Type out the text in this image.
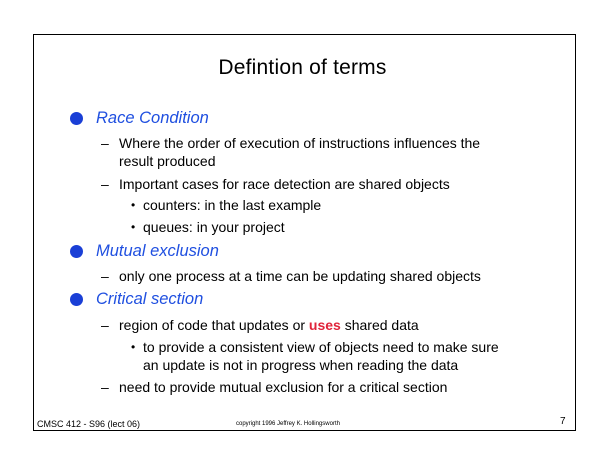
Defintion of terms
Race Condition
– Where the order of execution of instructions influences the
result produced
– Important cases for race detection are shared objects
• counters: in the last example
• queues: in your project
Mutual exclusion
– only one process at a time can be updating shared objects
Critical section
– region of code that updates or uses shared data
• to provide a consistent view of objects need to make sure
an update is not in progress when reading the data
– need to provide mutual exclusion for a critical section
CMSC 412 - S96 (lect 06)	copyright 1996 Jeffrey K. Hollingsworth	7
